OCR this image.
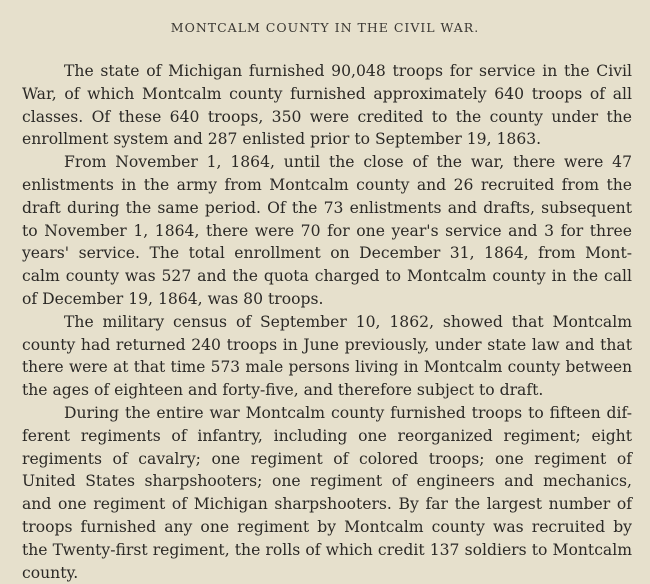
MONTCALM COUNTY IN THE CIVIL WAR.
The state of Michigan furnished 90,048 troops for service in the Civil
War, of which Montcalm county furnished approximately 640 troops of all
classes. Of these 640 troops, 350 were credited to the county under the
enrollment system and 287 enlisted prior to September 19, 1863.
From November 1, 1864, until the close of the war, there were 47
enlistments in the army from Montcalm county and 26 recruited from the
draft during the same period. Of the 73 enlistments and drafts, subsequent
to November 1, 1864, there were 70 for one year's service and 3 for three
years' service. The total enrollment on December 31, 1864, from Mont-
calm county was 527 and the quota charged to Montcalm county in the call
of December 19, 1864, was 80 troops.
The military census of September 10, 1862, showed that Montcalm
county had returned 240 troops in June previously, under state law and that
there were at that time 573 male persons living in Montcalm county between
the ages of eighteen and forty-five, and therefore subject to draft.
During the entire war Montcalm county furnished troops to fifteen dif-
ferent regiments of infantry, including one reorganized regiment; eight
regiments of cavalry; one regiment of colored troops; one regiment of
United States sharpshooters; one regiment of engineers and mechanics,
and one regiment of Michigan sharpshooters. By far the largest number of
troops furnished any one regiment by Montcalm county was recruited by
the Twenty-first regiment, the rolls of which credit 137 soldiers to Montcalm
county.
